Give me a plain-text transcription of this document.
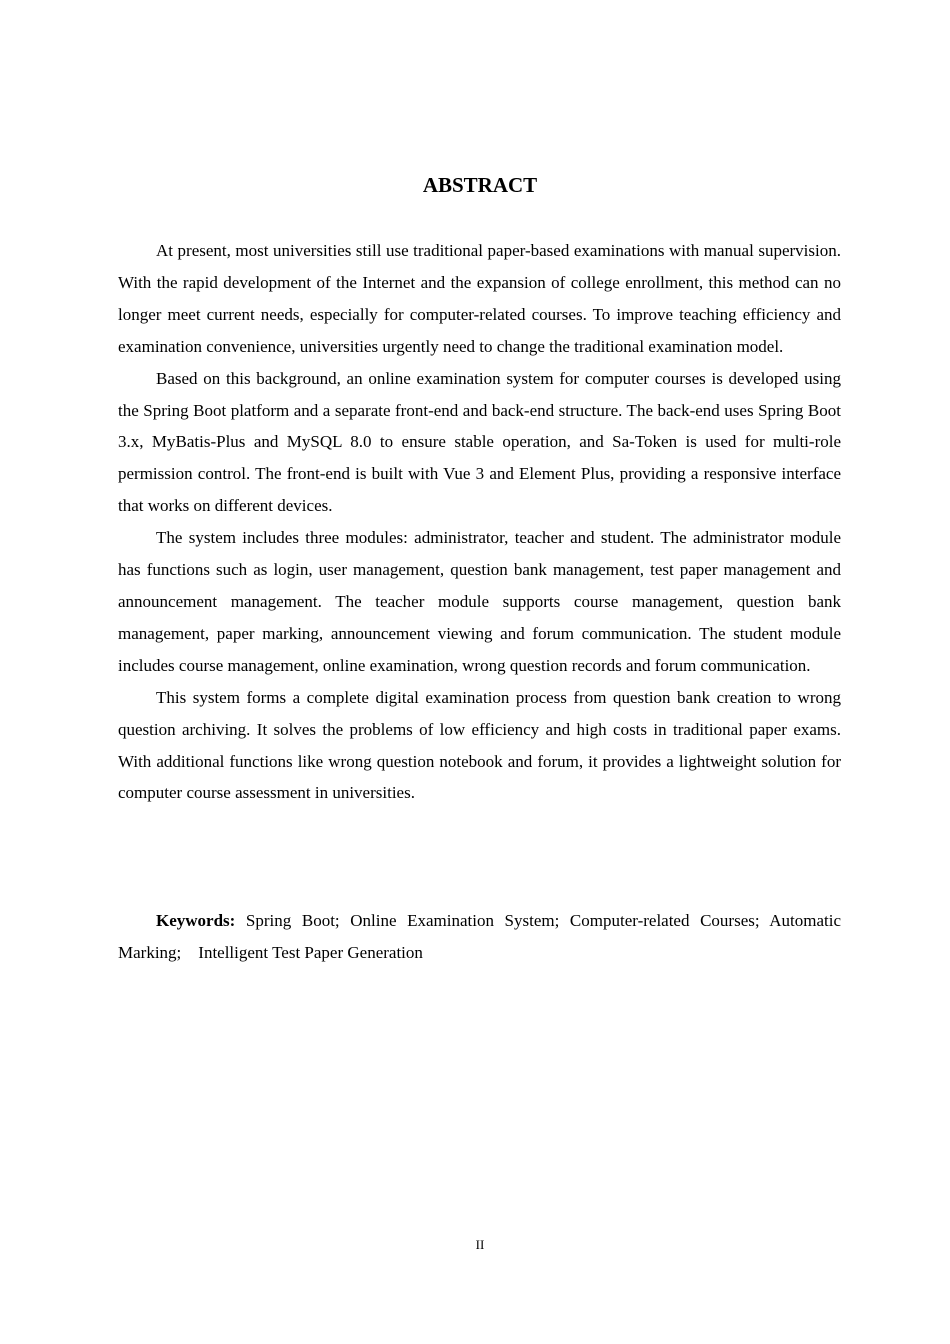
ABSTRACT

At present, most universities still use traditional paper-based examinations with manual supervision. With the rapid development of the Internet and the expansion of college enrollment, this method can no longer meet current needs, especially for computer-related courses. To improve teaching efficiency and examination convenience, universities urgently need to change the traditional examination model.

Based on this background, an online examination system for computer courses is developed using the Spring Boot platform and a separate front-end and back-end structure. The back-end uses Spring Boot 3.x, MyBatis-Plus and MySQL 8.0 to ensure stable operation, and Sa-Token is used for multi-role permission control. The front-end is built with Vue 3 and Element Plus, providing a responsive interface that works on different devices.

The system includes three modules: administrator, teacher and student. The administrator module has functions such as login, user management, question bank management, test paper management and announcement management. The teacher module supports course management, question bank management, paper marking, announcement viewing and forum communication. The student module includes course management, online examination, wrong question records and forum communication.

This system forms a complete digital examination process from question bank creation to wrong question archiving. It solves the problems of low efficiency and high costs in traditional paper exams. With additional functions like wrong question notebook and forum, it provides a lightweight solution for computer course assessment in universities.

Keywords: Spring Boot; Online Examination System; Computer-related Courses; Automatic Marking; Intelligent Test Paper Generation

II
